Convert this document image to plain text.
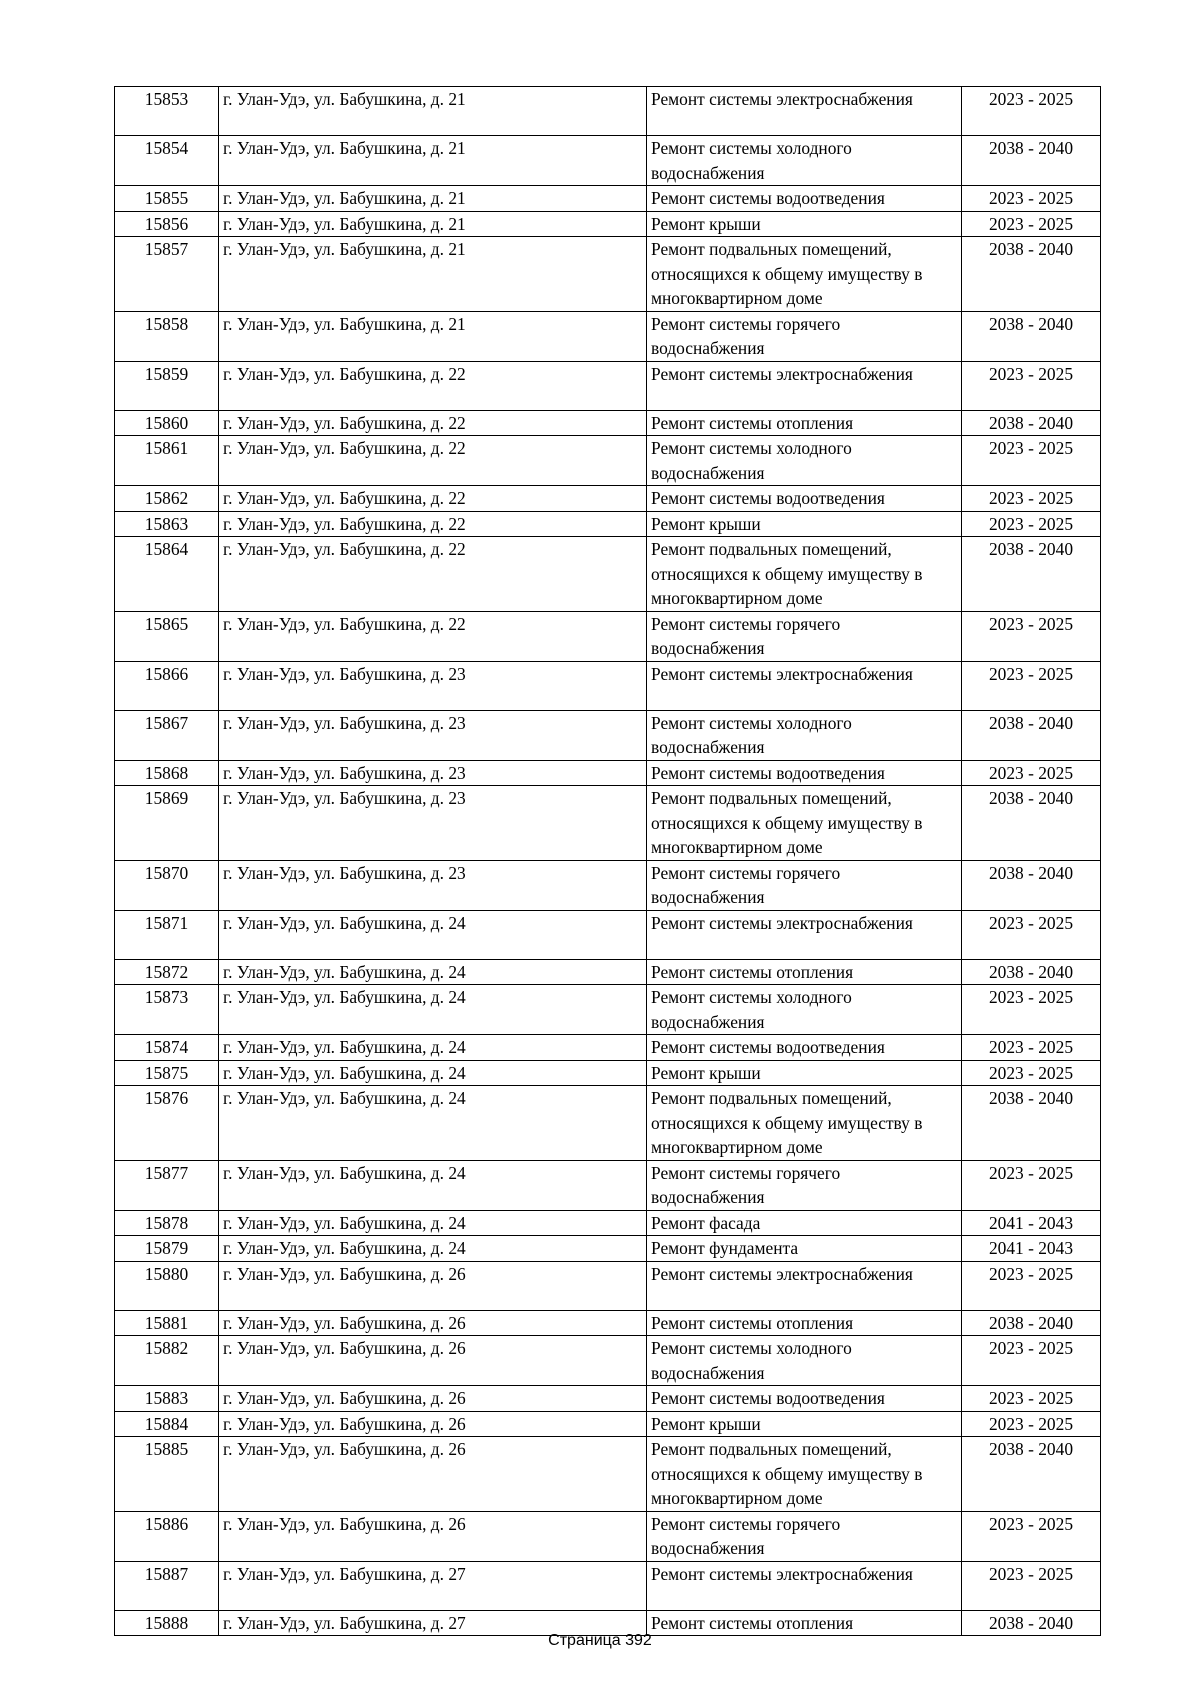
15853	г. Улан-Удэ, ул. Бабушкина, д. 21	Ремонт системы электроснабжения	2023 - 2025
15854	г. Улан-Удэ, ул. Бабушкина, д. 21	Ремонт системы холодного водоснабжения	2038 - 2040
15855	г. Улан-Удэ, ул. Бабушкина, д. 21	Ремонт системы водоотведения	2023 - 2025
15856	г. Улан-Удэ, ул. Бабушкина, д. 21	Ремонт крыши	2023 - 2025
15857	г. Улан-Удэ, ул. Бабушкина, д. 21	Ремонт подвальных помещений, относящихся к общему имуществу в многоквартирном доме	2038 - 2040
15858	г. Улан-Удэ, ул. Бабушкина, д. 21	Ремонт системы горячего водоснабжения	2038 - 2040
15859	г. Улан-Удэ, ул. Бабушкина, д. 22	Ремонт системы электроснабжения	2023 - 2025
15860	г. Улан-Удэ, ул. Бабушкина, д. 22	Ремонт системы отопления	2038 - 2040
15861	г. Улан-Удэ, ул. Бабушкина, д. 22	Ремонт системы холодного водоснабжения	2023 - 2025
15862	г. Улан-Удэ, ул. Бабушкина, д. 22	Ремонт системы водоотведения	2023 - 2025
15863	г. Улан-Удэ, ул. Бабушкина, д. 22	Ремонт крыши	2023 - 2025
15864	г. Улан-Удэ, ул. Бабушкина, д. 22	Ремонт подвальных помещений, относящихся к общему имуществу в многоквартирном доме	2038 - 2040
15865	г. Улан-Удэ, ул. Бабушкина, д. 22	Ремонт системы горячего водоснабжения	2023 - 2025
15866	г. Улан-Удэ, ул. Бабушкина, д. 23	Ремонт системы электроснабжения	2023 - 2025
15867	г. Улан-Удэ, ул. Бабушкина, д. 23	Ремонт системы холодного водоснабжения	2038 - 2040
15868	г. Улан-Удэ, ул. Бабушкина, д. 23	Ремонт системы водоотведения	2023 - 2025
15869	г. Улан-Удэ, ул. Бабушкина, д. 23	Ремонт подвальных помещений, относящихся к общему имуществу в многоквартирном доме	2038 - 2040
15870	г. Улан-Удэ, ул. Бабушкина, д. 23	Ремонт системы горячего водоснабжения	2038 - 2040
15871	г. Улан-Удэ, ул. Бабушкина, д. 24	Ремонт системы электроснабжения	2023 - 2025
15872	г. Улан-Удэ, ул. Бабушкина, д. 24	Ремонт системы отопления	2038 - 2040
15873	г. Улан-Удэ, ул. Бабушкина, д. 24	Ремонт системы холодного водоснабжения	2023 - 2025
15874	г. Улан-Удэ, ул. Бабушкина, д. 24	Ремонт системы водоотведения	2023 - 2025
15875	г. Улан-Удэ, ул. Бабушкина, д. 24	Ремонт крыши	2023 - 2025
15876	г. Улан-Удэ, ул. Бабушкина, д. 24	Ремонт подвальных помещений, относящихся к общему имуществу в многоквартирном доме	2038 - 2040
15877	г. Улан-Удэ, ул. Бабушкина, д. 24	Ремонт системы горячего водоснабжения	2023 - 2025
15878	г. Улан-Удэ, ул. Бабушкина, д. 24	Ремонт фасада	2041 - 2043
15879	г. Улан-Удэ, ул. Бабушкина, д. 24	Ремонт фундамента	2041 - 2043
15880	г. Улан-Удэ, ул. Бабушкина, д. 26	Ремонт системы электроснабжения	2023 - 2025
15881	г. Улан-Удэ, ул. Бабушкина, д. 26	Ремонт системы отопления	2038 - 2040
15882	г. Улан-Удэ, ул. Бабушкина, д. 26	Ремонт системы холодного водоснабжения	2023 - 2025
15883	г. Улан-Удэ, ул. Бабушкина, д. 26	Ремонт системы водоотведения	2023 - 2025
15884	г. Улан-Удэ, ул. Бабушкина, д. 26	Ремонт крыши	2023 - 2025
15885	г. Улан-Удэ, ул. Бабушкина, д. 26	Ремонт подвальных помещений, относящихся к общему имуществу в многоквартирном доме	2038 - 2040
15886	г. Улан-Удэ, ул. Бабушкина, д. 26	Ремонт системы горячего водоснабжения	2023 - 2025
15887	г. Улан-Удэ, ул. Бабушкина, д. 27	Ремонт системы электроснабжения	2023 - 2025
15888	г. Улан-Удэ, ул. Бабушкина, д. 27	Ремонт системы отопления	2038 - 2040
Страница 392
